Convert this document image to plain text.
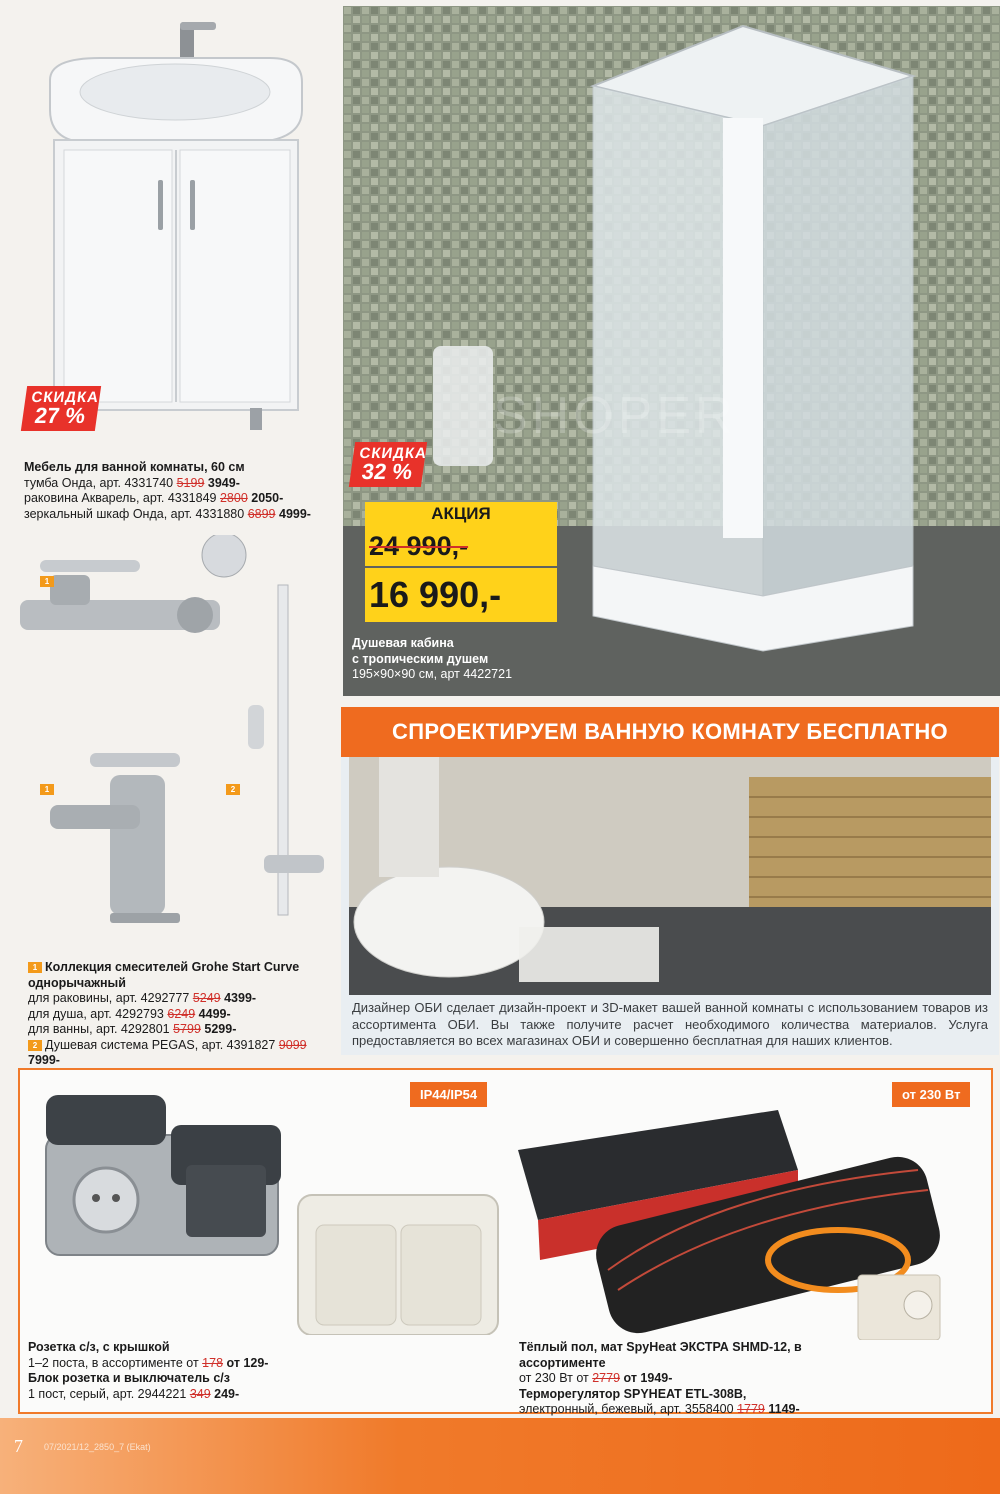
СКИДКА
27 %
Мебель для ванной комнаты, 60 см
тумба Онда, арт. 4331740 5199 3949-
раковина Акварель, арт. 4331849 2800 2050-
зеркальный шкаф Онда, арт. 4331880 6899 4999-
SHOPER
СКИДКА
32 %
АКЦИЯ
24 990,-
16 990,-
Душевая кабина
с тропическим душем
195×90×90 см, арт 4422721
1
1	2
1 Коллекция смесителей Grohe Start Curve
однорычажный
для раковины, арт. 4292777 5249 4399-
для душа, арт. 4292793 6249 4499-
для ванны, арт. 4292801 5799 5299-
2 Душевая система PEGAS, арт. 4391827 9099 7999-
СПРОЕКТИРУЕМ ВАННУЮ КОМНАТУ БЕСПЛАТНО
Дизайнер ОБИ сделает дизайн-проект и 3D-макет вашей ванной комнаты с использованием товаров из ассортимента ОБИ. Вы также получите расчет необходимого количества материалов. Услуга предоставляется во всех магазинах ОБИ и совершенно бесплатная для наших клиентов.
IP44/IP54	от 230 Вт
Розетка с/з, с крышкой
1–2 поста, в ассортименте от 178 от 129-
Блок розетка и выключатель с/з
1 пост, серый, арт. 2944221 349 249-
Тёплый пол, мат SpyHeat ЭКСТРА SHMD-12, в ассортименте
от 230 Вт от 2779 от 1949-
Терморегулятор SPYHEAT ETL-308B,
электронный, бежевый, арт. 3558400 1779 1149-
7 07/2021/12_2850_7 (Ekat)
